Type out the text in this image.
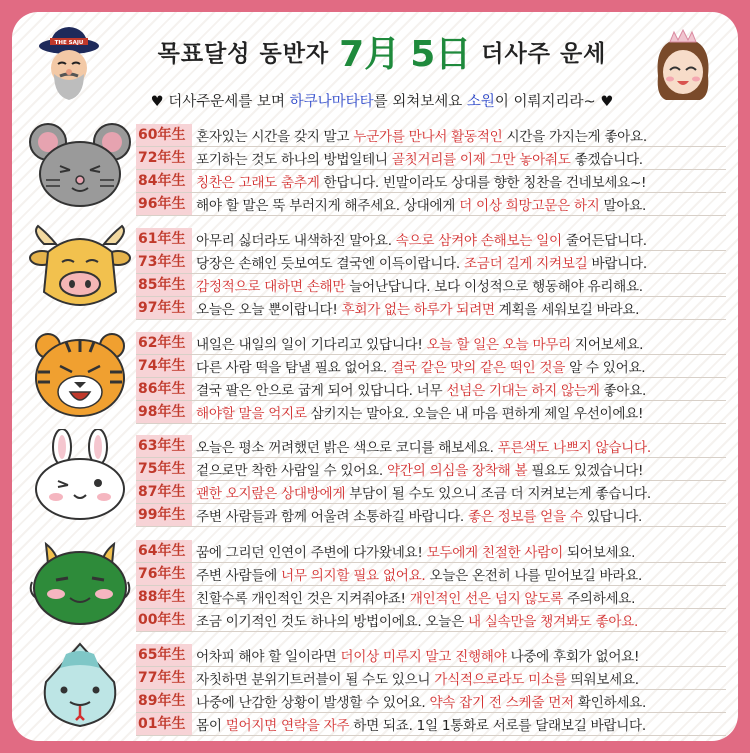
THE SAJU	목표달성 동반자 7月 5日 더사주 운세
♥ 더사주운세를 보며 하쿠나마타타를 외쳐보세요 소원이 이뤄지리라~ ♥
60年生 혼자있는 시간을 갖지 말고 누군가를 만나서 활동적인 시간을 가지는게 좋아요.
72年生 포기하는 것도 하나의 방법일테니 골칫거리를 이제 그만 놓아줘도 좋겠습니다.
84年生 칭찬은 고래도 춤추게 한답니다. 빈말이라도 상대를 향한 칭찬을 건네보세요~!
96年生 해야 할 말은 뚝 부러지게 해주세요. 상대에게 더 이상 희망고문은 하지 말아요.
61年生 아무리 싫더라도 내색하진 말아요. 속으로 삼켜야 손해보는 일이 줄어든답니다.
73年生 당장은 손해인 듯보여도 결국엔 이득이랍니다. 조금더 길게 지켜보길 바랍니다.
85年生 감정적으로 대하면 손해만 늘어난답니다. 보다 이성적으로 행동해야 유리해요.
97年生 오늘은 오늘 뿐이랍니다! 후회가 없는 하루가 되려면 계획을 세워보길 바라요.
62年生 내일은 내일의 일이 기다리고 있답니다! 오늘 할 일은 오늘 마무리 지어보세요.
74年生 다른 사람 떡을 탐낼 필요 없어요. 결국 같은 맛의 같은 떡인 것을 알 수 있어요.
86年生 결국 팔은 안으로 굽게 되어 있답니다. 너무 선넘은 기대는 하지 않는게 좋아요.
98年生 해야할 말을 억지로 삼키지는 말아요. 오늘은 내 마음 편하게 제일 우선이에요!
63年生 오늘은 평소 꺼려했던 밝은 색으로 코디를 해보세요. 푸른색도 나쁘지 않습니다.
75年生 겉으로만 착한 사람일 수 있어요. 약간의 의심을 장착해 볼 필요도 있겠습니다!
87年生 괜한 오지랖은 상대방에게 부담이 될 수도 있으니 조금 더 지켜보는게 좋습니다.
99年生 주변 사람들과 함께 어울려 소통하길 바랍니다. 좋은 정보를 얻을 수 있답니다.
64年生 꿈에 그리던 인연이 주변에 다가왔네요! 모두에게 친절한 사람이 되어보세요.
76年生 주변 사람들에 너무 의지할 필요 없어요. 오늘은 온전히 나를 믿어보길 바라요.
88年生 친할수록 개인적인 것은 지켜줘야죠! 개인적인 선은 넘지 않도록 주의하세요.
00年生 조금 이기적인 것도 하나의 방법이에요. 오늘은 내 실속만을 챙겨봐도 좋아요.
65年生 어차피 해야 할 일이라면 더이상 미루지 말고 진행해야 나중에 후회가 없어요!
77年生 자칫하면 분위기트러블이 될 수도 있으니 가식적으로라도 미소를 띄워보세요.
89年生 나중에 난감한 상황이 발생할 수 있어요. 약속 잡기 전 스케줄 먼저 확인하세요.
01年生 몸이 멀어지면 연락을 자주 하면 되죠. 1일 1통화로 서로를 달래보길 바랍니다.
